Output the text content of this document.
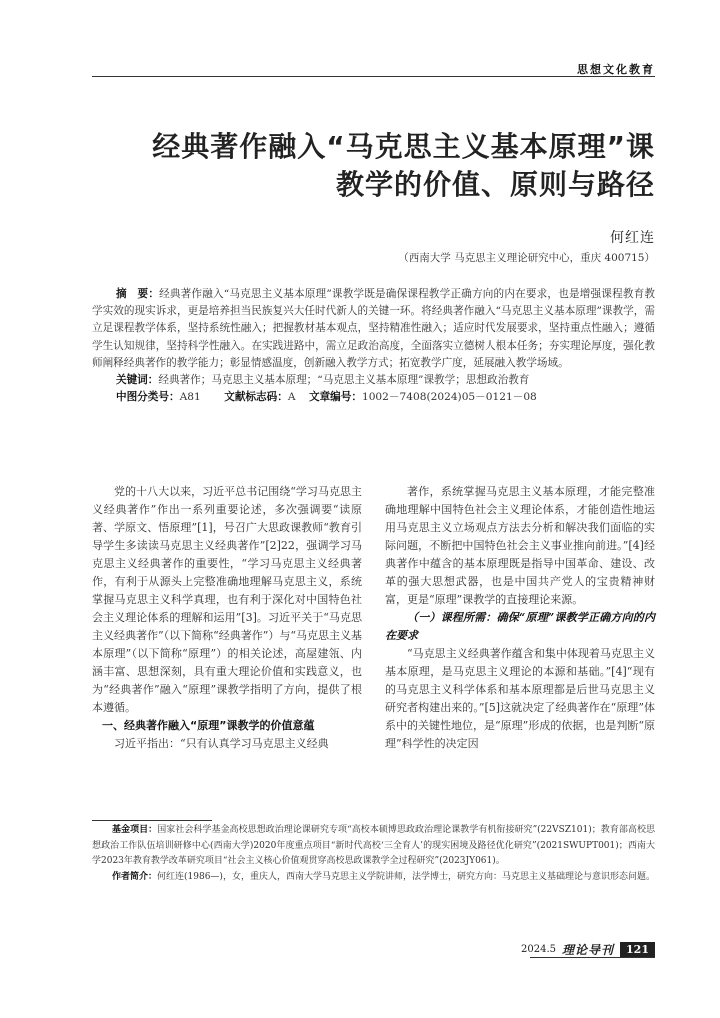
思想文化教育
经典著作融入“马克思主义基本原理”课
教学的价值、原则与路径
何红连
（西南大学 马克思主义理论研究中心，重庆 400715）
摘　要：经典著作融入“马克思主义基本原理”课教学既是确保课程教学正确方向的内在要求，也是增强课程教育教学实效的现实诉求，更是培养担当民族复兴大任时代新人的关键一环。将经典著作融入“马克思主义基本原理”课教学，需立足课程教学体系，坚持系统性融入；把握教材基本观点，坚持精准性融入；适应时代发展要求，坚持重点性融入；遵循学生认知规律，坚持科学性融入。在实践进路中，需立足政治高度，全面落实立德树人根本任务；夯实理论厚度，强化教师阐释经典著作的教学能力；彰显情感温度，创新融入教学方式；拓宽教学广度，延展融入教学场域。
关键词：经典著作；马克思主义基本原理；“马克思主义基本原理”课教学；思想政治教育
中图分类号：A81 文献标志码：A 文章编号：1002－7408(2024)05－0121－08

党的十八大以来，习近平总书记围绕“学习马克思主义经典著作”作出一系列重要论述，多次强调要“读原著、学原文、悟原理”[1]，号召广大思政课教师“教育引导学生多读读马克思主义经典著作”[2]22，强调学习马克思主义经典著作的重要性，“学习马克思主义经典著作，有利于从源头上完整准确地理解马克思主义，系统掌握马克思主义科学真理，也有利于深化对中国特色社会主义理论体系的理解和运用”[3]。习近平关于“马克思主义经典著作”（以下简称“经典著作”）与“马克思主义基本原理”（以下简称“原理”）的相关论述，高屋建瓴、内涵丰富、思想深刻，具有重大理论价值和实践意义，也为“经典著作”融入“原理”课教学指明了方向，提供了根本遵循。

一、经典著作融入“原理”课教学的价值意蕴

习近平指出：“只有认真学习马克思主义经典

著作，系统掌握马克思主义基本原理，才能完整准确地理解中国特色社会主义理论体系，才能创造性地运用马克思主义立场观点方法去分析和解决我们面临的实际问题，不断把中国特色社会主义事业推向前进。”[4]经典著作中蕴含的基本原理既是指导中国革命、建设、改革的强大思想武器，也是中国共产党人的宝贵精神财富，更是“原理”课教学的直接理论来源。

（一）课程所需：确保“原理”课教学正确方向的内在要求

“马克思主义经典著作蕴含和集中体现着马克思主义基本原理，是马克思主义理论的本源和基础。”[4]“现有的马克思主义科学体系和基本原理都是后世马克思主义研究者构建出来的。”[5]这就决定了经典著作在“原理”体系中的关键性地位，是“原理”形成的依据，也是判断“原理”科学性的决定因

基金项目：国家社会科学基金高校思想政治理论课研究专项“高校本硕博思政政治理论课教学有机衔接研究”(22VSZ101)；教育部高校思想政治工作队伍培训研修中心(西南大学)2020年度重点项目“新时代高校‘三全育人’的现实困境及路径优化研究”(2021SWUPT001)；西南大学2023年教育教学改革研究项目“社会主义核心价值观贯穿高校思政课教学全过程研究”(2023JY061)。

作者简介：何红连(1986—)，女，重庆人，西南大学马克思主义学院讲师，法学博士，研究方向：马克思主义基础理论与意识形态问题。

2024.5 理论导刊	121
